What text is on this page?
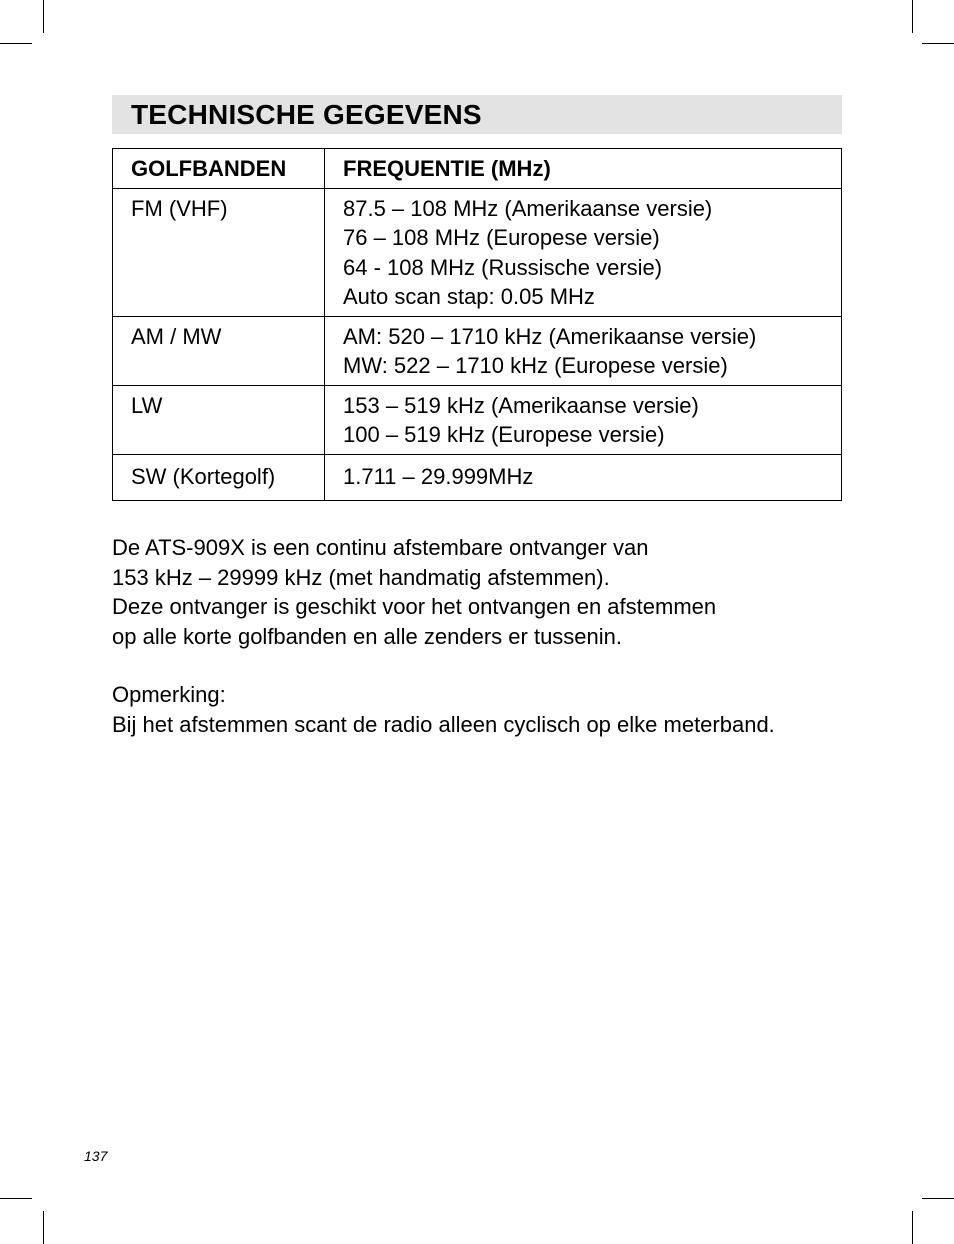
TECHNISCHE GEGEVENS
GOLFBANDEN	FREQUENTIE (MHz)
FM (VHF)	87.5 – 108 MHz (Amerikaanse versie)
76 – 108 MHz (Europese versie)
64 - 108 MHz (Russische versie)
Auto scan stap: 0.05 MHz

AM / MW	AM: 520 – 1710 kHz (Amerikaanse versie)
MW: 522 – 1710 kHz (Europese versie)

LW	153 – 519 kHz (Amerikaanse versie)
100 – 519 kHz (Europese versie)

SW (Kortegolf)	1.711 – 29.999MHz
De ATS-909X is een continu afstembare ontvanger van
153 kHz – 29999 kHz (met handmatig afstemmen).
Deze ontvanger is geschikt voor het ontvangen en afstemmen
op alle korte golfbanden en alle zenders er tussenin.
Opmerking:
Bij het afstemmen scant de radio alleen cyclisch op elke meterband.
137
